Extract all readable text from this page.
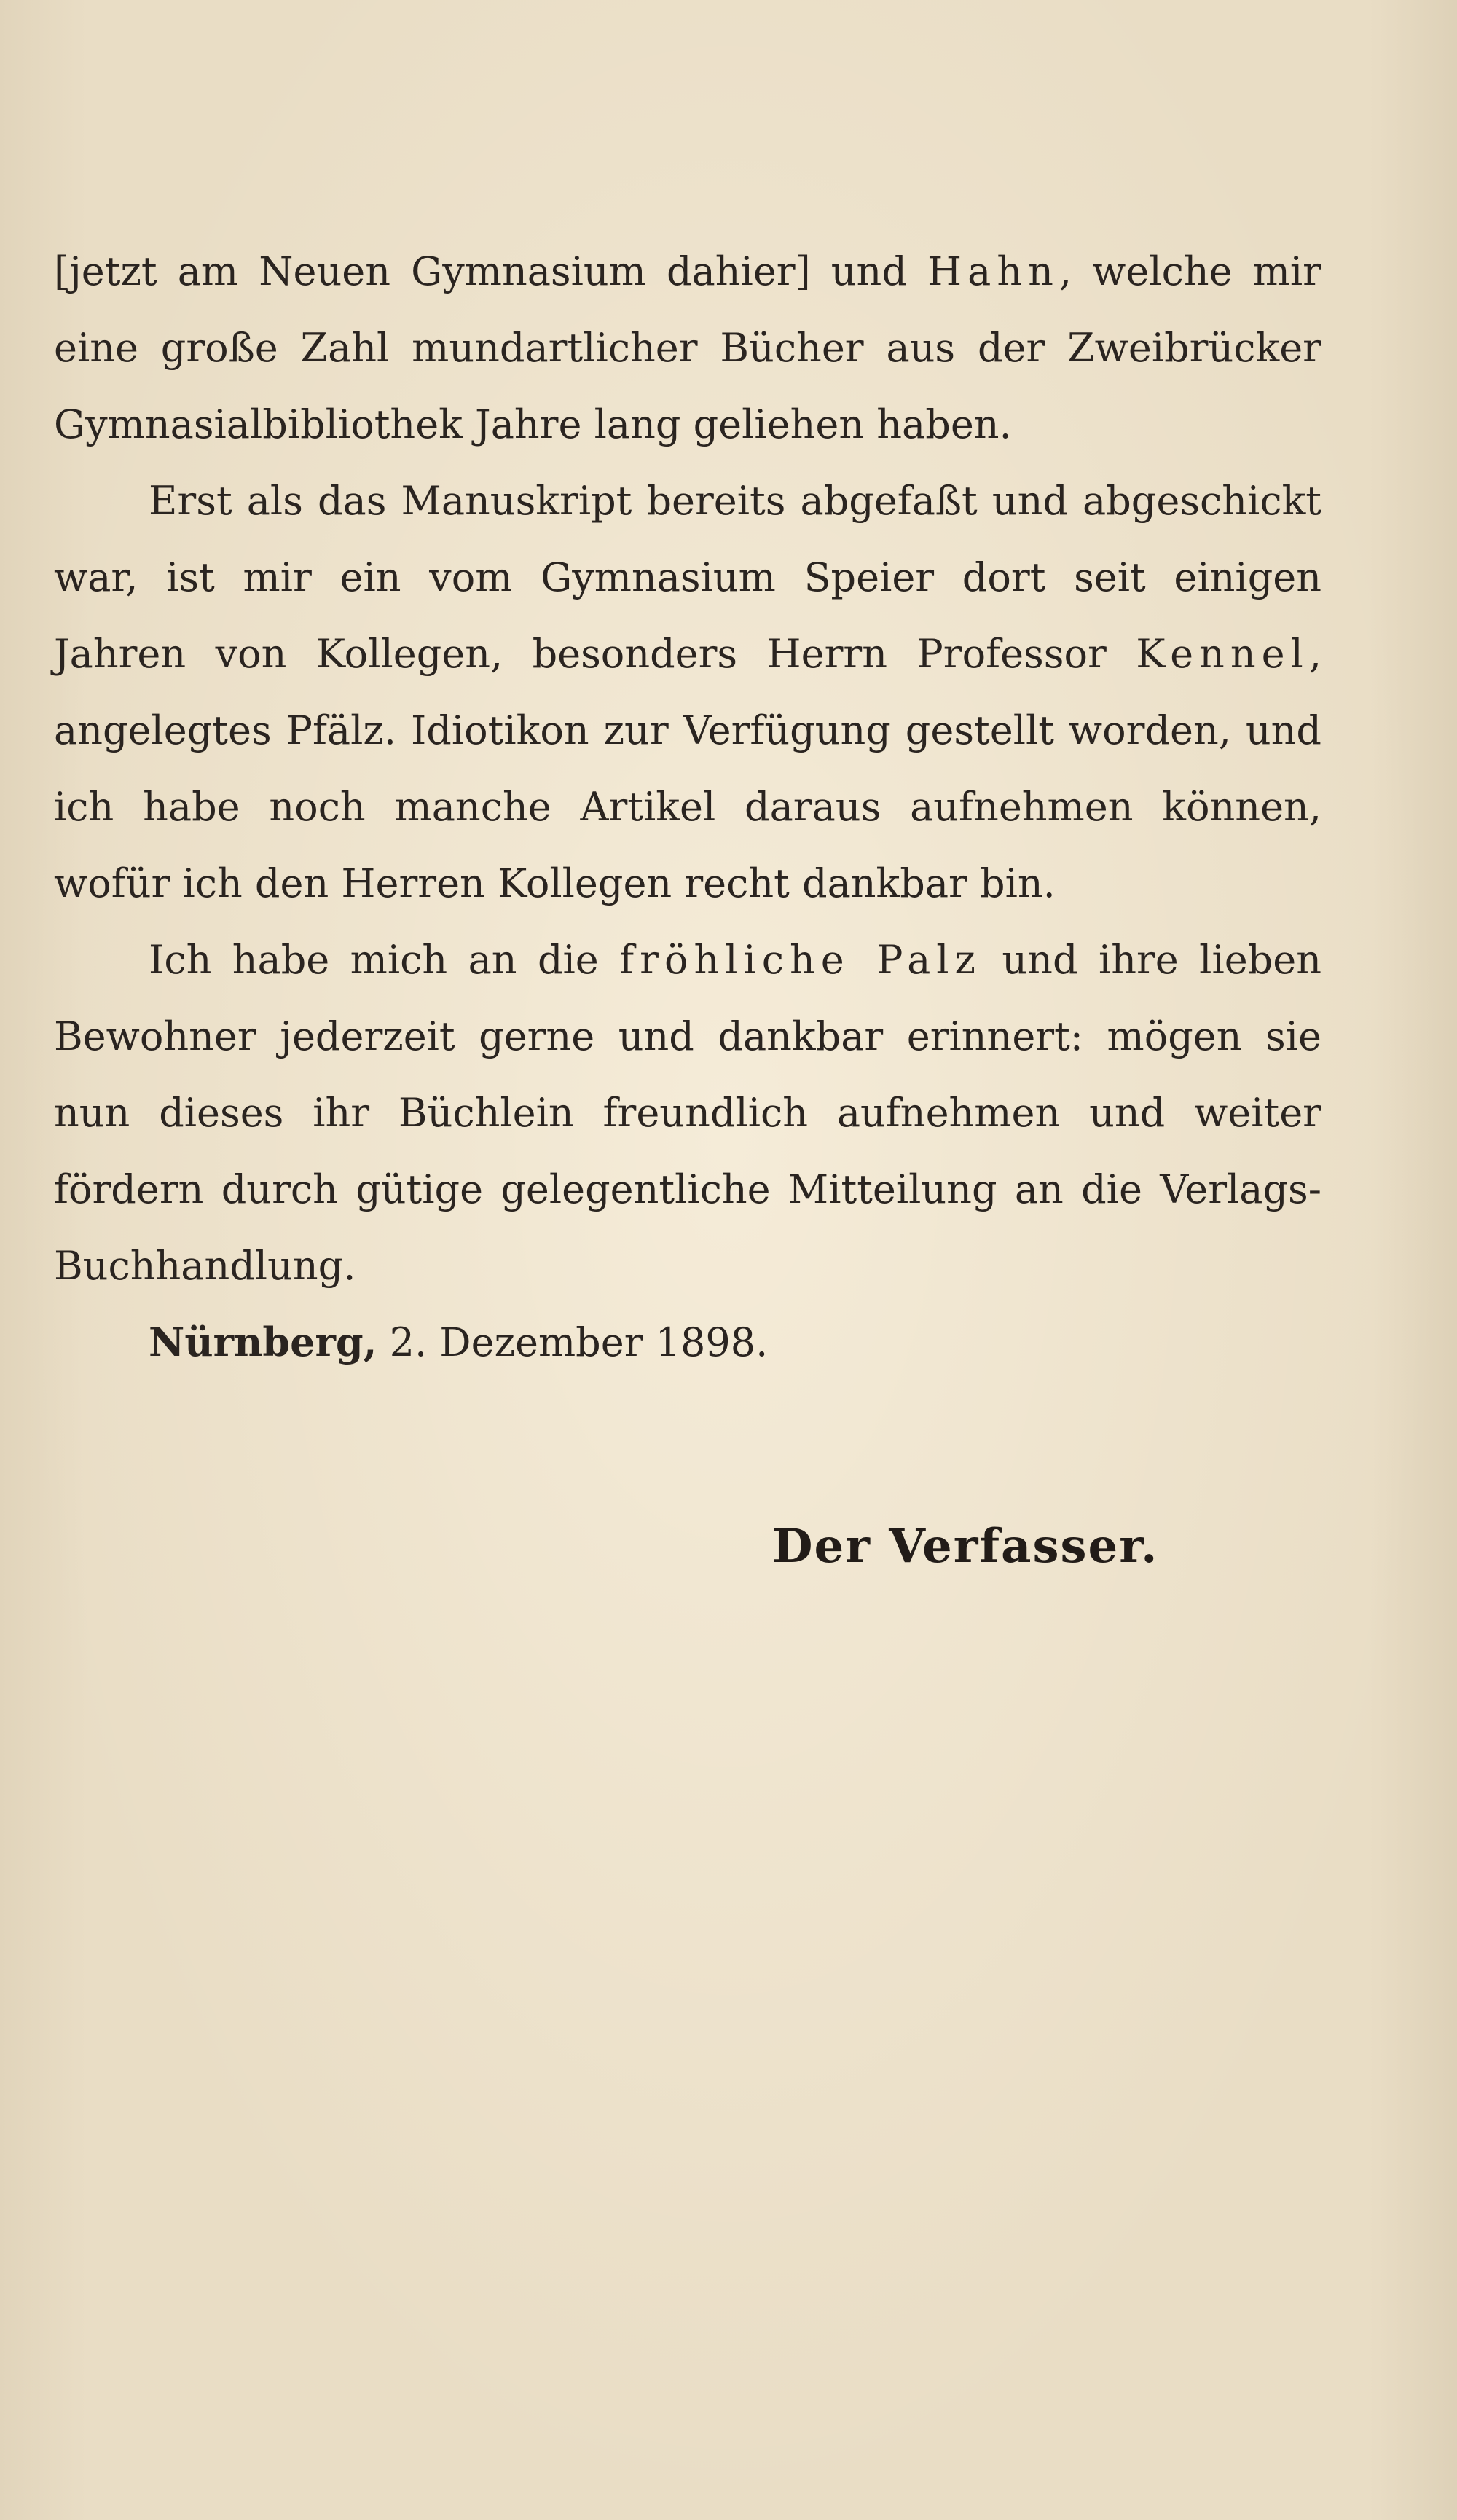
[jetzt am Neuen Gymnasium dahier] und Hahn, welche mir eine große Zahl mundartlicher Bücher aus der Zweibrücker Gymnasialbibliothek Jahre lang geliehen haben.

Erst als das Manuskript bereits abgefaßt und abgeschickt war, ist mir ein vom Gymnasium Speier dort seit einigen Jahren von Kollegen, besonders Herrn Professor Kennel, angelegtes Pfälz. Idiotikon zur Verfügung gestellt worden, und ich habe noch manche Artikel daraus aufnehmen können, wofür ich den Herren Kollegen recht dankbar bin.

Ich habe mich an die fröhliche Palz und ihre lieben Bewohner jederzeit gerne und dankbar erinnert: mögen sie nun dieses ihr Büchlein freundlich aufnehmen und weiter fördern durch gütige gelegentliche Mitteilung an die Verlags-Buchhandlung.

Nürnberg, 2. Dezember 1898.

Der Verfasser.
